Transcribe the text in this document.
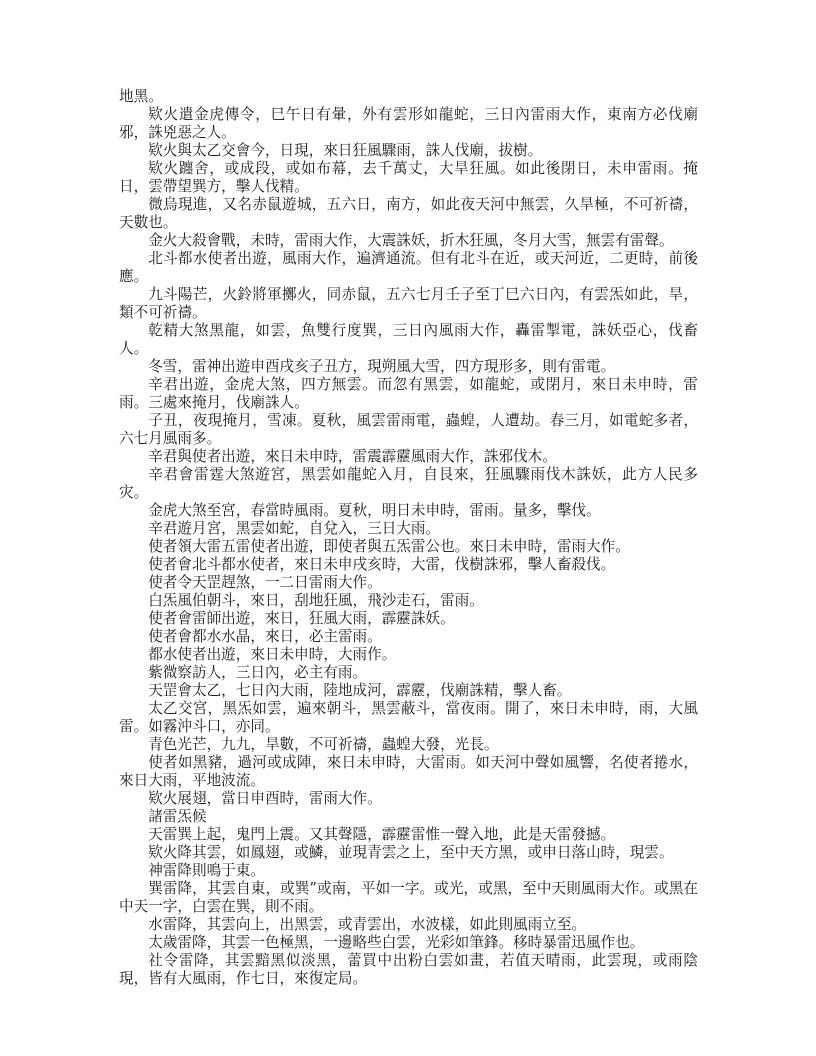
地黑。

欵火遣金虎傳令，巳午日有暈，外有雲形如龍蛇，三日內雷雨大作，東南方必伐廟邪，誅兇惡之人。

欵火與太乙交會今，日現，來日狂風驟雨，誅人伐廟，拔樹。

欵火躔舍，或成段，或如布幕，去千萬丈，大旱狂風。如此後閉日，未申雷雨。掩日，雲帶望巽方，擊人伐精。

微烏現進，又名赤鼠遊城，五六日，南方，如此夜天河中無雲，久旱極，不可祈禱，天數也。

金火大殺會戰，未時，雷雨大作，大震誅妖，折木狂風，冬月大雪，無雲有雷聲。

北斗都水使者出遊，風雨大作，遍濟通流。但有北斗在近，或天河近，二更時，前後應。

九斗陽芒，火鈴將軍擲火，同赤鼠，五六七月壬子至丁巳六日內，有雲炁如此，旱，類不可祈禱。

乾精大煞黑龍，如雲，魚雙行度巽，三日內風雨大作，轟雷掣電，誅妖亞心，伐畜人。

冬雪，雷神出遊申酉戌亥子丑方，現朔風大雪，四方現形多，則有雷電。

辛君出遊，金虎大煞，四方無雲。而忽有黑雲，如龍蛇，或閉月，來日未申時，雷雨。三處來掩月，伐廟誅人。

子丑，夜現掩月，雪凍。夏秋，風雲雷雨電，蟲蝗，人遭劫。春三月，如電蛇多者，六七月風雨多。

辛君與使者出遊，來日未申時，雷震霹靂風雨大作，誅邪伐木。

辛君會雷霆大煞遊宮，黑雲如龍蛇入月，自艮來，狂風驟雨伐木誅妖，此方人民多灾。

金虎大煞至宮，春當時風雨。夏秋，明日未申時，雷雨。量多，擊伐。

辛君遊月宮，黑雲如蛇，自兌入，三日大雨。

使者領大雷五雷使者出遊，即使者與五炁雷公也。來日未申時，雷雨大作。

使者會北斗都水使者，來日未申戌亥時，大雷，伐樹誅邪，擊人畜殺伐。

使者令天罡趕煞，一二日雷雨大作。

白炁風伯朝斗，來日，刮地狂風，飛沙走石，雷雨。

使者會雷師出遊，來日，狂風大雨，霹靂誅妖。

使者會都水水晶，來日，必主雷雨。

都水使者出遊，來日未申時，大雨作。

紫微察訪人，三日內，必主有雨。

天罡會太乙，七日內大雨，陸地成河，霹靂，伐廟誅精，擊人畜。

太乙交宮，黑炁如雲，遍來朝斗，黑雲蔽斗，當夜雨。開了，來日未申時，雨，大風雷。如霧沖斗口，亦同。

青色光芒，九九，旱數，不可祈禱，蟲蝗大發，光長。

使者如黑豬，過河或成陣，來日未申時，大雷雨。如天河中聲如風響，名使者捲水，來日大雨，平地波流。

欵火展翅，當日申酉時，雷雨大作。

諸雷炁候

天雷巽上起，鬼門上震。又其聲隱，霹靂雷惟一聲入地，此是天雷發撼。

欵火降其雲，如鳳翅，或鱗，並現青雲之上，至中天方黑，或申日落山時，現雲。

神雷降則鳴于東。

巽雷降，其雲自東，或巽”或南，平如一字。或光，或黑，至中天則風雨大作。或黑在中天一字，白雲在巽，則不雨。

水雷降，其雲向上，出黑雲，或青雲出，水波樣，如此則風雨立至。

太歲雷降，其雲一色極黑，一邊略些白雲，光彩如筆鋒。移時暴雷迅風作也。

社令雷降，其雲黯黑似淡黑，蕾買中出粉白雲如畫，若值天晴雨，此雲現，或雨陰現，皆有大風雨，作七日，來復定局。
